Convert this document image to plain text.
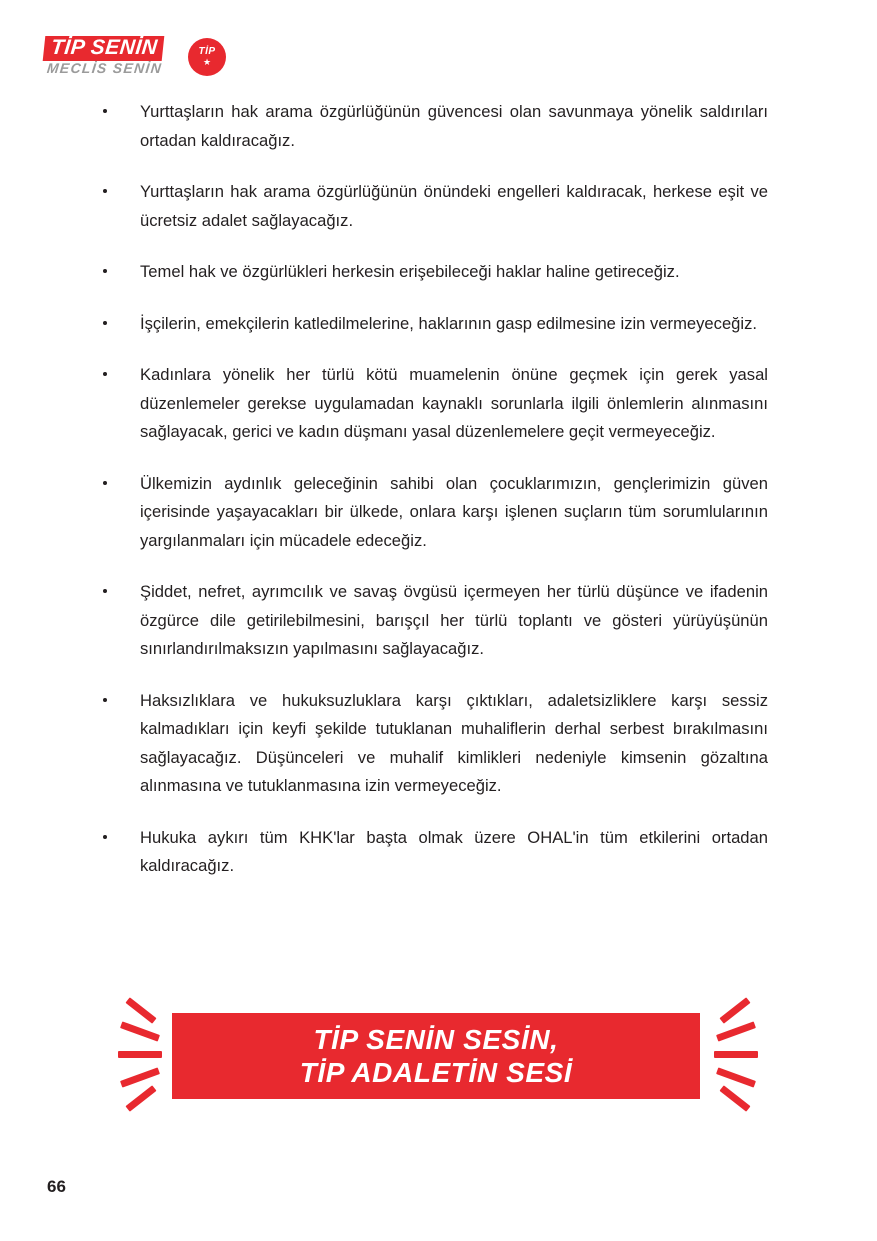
TİP SENİN
MECLİS SENİN
TİP
★
Yurttaşların hak arama özgürlüğünün güvencesi olan savunmaya yönelik saldırıları ortadan kaldıracağız.
Yurttaşların hak arama özgürlüğünün önündeki engelleri kaldıracak, herkese eşit ve ücretsiz adalet sağlayacağız.
Temel hak ve özgürlükleri herkesin erişebileceği haklar haline getireceğiz.
İşçilerin, emekçilerin katledilmelerine, haklarının gasp edilmesine izin vermeyeceğiz.
Kadınlara yönelik her türlü kötü muamelenin önüne geçmek için gerek yasal düzenlemeler gerekse uygulamadan kaynaklı sorunlarla ilgili önlemlerin alınmasını sağlayacak, gerici ve kadın düşmanı yasal düzenlemelere geçit vermeyeceğiz.
Ülkemizin aydınlık geleceğinin sahibi olan çocuklarımızın, gençlerimizin güven içerisinde yaşayacakları bir ülkede, onlara karşı işlenen suçların tüm sorumlularının yargılanmaları için mücadele edeceğiz.
Şiddet, nefret, ayrımcılık ve savaş övgüsü içermeyen her türlü düşünce ve ifadenin özgürce dile getirilebilmesini, barışçıl her türlü toplantı ve gösteri yürüyüşünün sınırlandırılmaksızın yapılmasını sağlayacağız.
Haksızlıklara ve hukuksuzluklara karşı çıktıkları, adaletsizliklere karşı sessiz kalmadıkları için keyfi şekilde tutuklanan muhaliflerin derhal serbest bırakılmasını sağlayacağız. Düşünceleri ve muhalif kimlikleri nedeniyle kimsenin gözaltına alınmasına ve tutuklanmasına izin vermeyeceğiz.
Hukuka aykırı tüm KHK'lar başta olmak üzere OHAL'in tüm etkilerini ortadan kaldıracağız.
TİP SENİN SESİN,
TİP ADALETİN SESİ
66
